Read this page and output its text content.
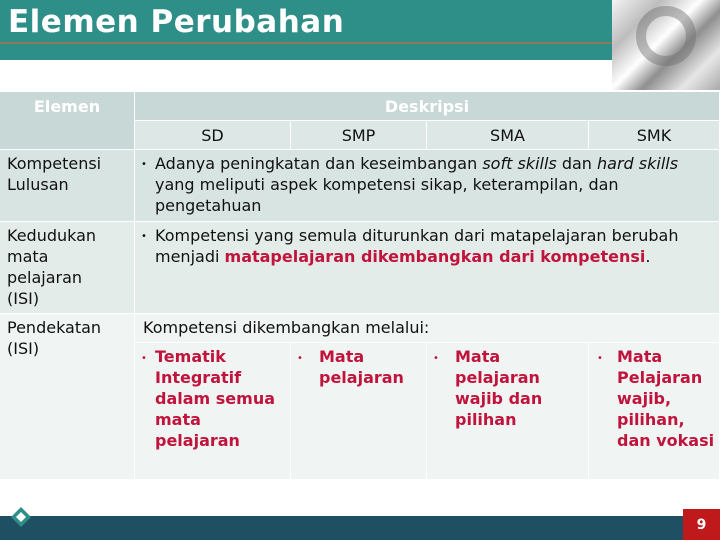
Elemen Perubahan
Elemen	Deskripsi
SD	SMP	SMA	SMK
Kompetensi Lulusan
• Adanya peningkatan dan keseimbangan soft skills dan hard skills yang meliputi aspek kompetensi sikap, keterampilan, dan pengetahuan
Kedudukan mata pelajaran (ISI)
• Kompetensi yang semula diturunkan dari matapelajaran berubah menjadi matapelajaran dikembangkan dari kompetensi.
Pendekatan (ISI)
Kompetensi dikembangkan melalui:
• Tematik Integratif dalam semua mata pelajaran
• Mata pelajaran
• Mata pelajaran wajib dan pilihan
• Mata Pelajaran wajib, pilihan, dan vokasi
9
